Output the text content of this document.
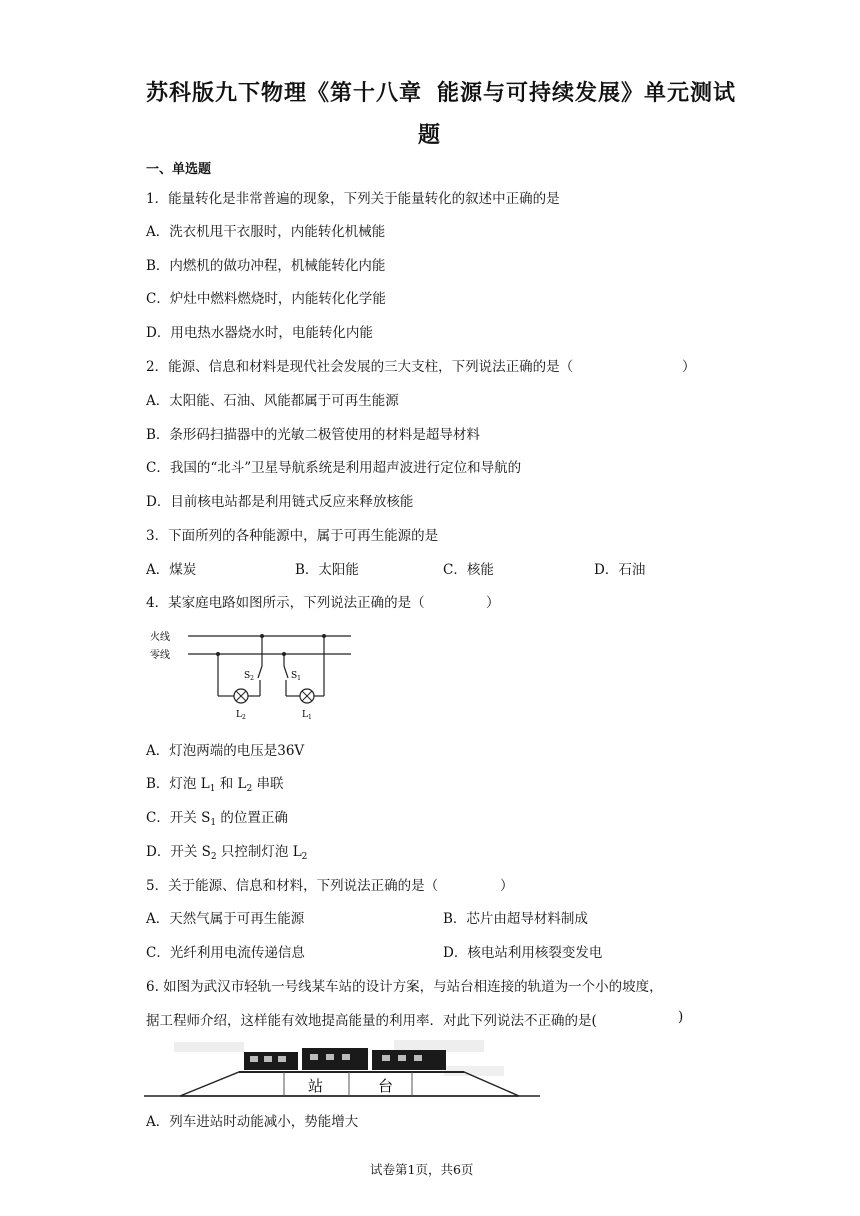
苏科版九下物理《第十八章 能源与可持续发展》单元测试
题
一、单选题
1．能量转化是非常普遍的现象，下列关于能量转化的叙述中正确的是
A．洗衣机甩干衣服时，内能转化机械能
B．内燃机的做功冲程，机械能转化内能
C．炉灶中燃料燃烧时，内能转化化学能
D．用电热水器烧水时，电能转化内能
2．能源、信息和材料是现代社会发展的三大支柱，下列说法正确的是（	）
A．太阳能、石油、风能都属于可再生能源
B．条形码扫描器中的光敏二极管使用的材料是超导材料
C．我国的“北斗”卫星导航系统是利用超声波进行定位和导航的
D．目前核电站都是利用链式反应来释放核能
3．下面所列的各种能源中，属于可再生能源的是
A．煤炭	B．太阳能	C．核能	D．石油
4．某家庭电路如图所示，下列说法正确的是（	）
火线
零线
$S_2$	$S_1$
$L_2$	$L_1$
A．灯泡两端的电压是36V
B．灯泡 $L_1$ 和 $L_2$ 串联
C．开关 $S_1$ 的位置正确
D．开关 $S_2$ 只控制灯泡 $L_2$
5．关于能源、信息和材料，下列说法正确的是（	）
A．天然气属于可再生能源	B．芯片由超导材料制成
C．光纤利用电流传递信息	D．核电站利用核裂变发电
6. 如图为武汉市轻轨一号线某车站的设计方案，与站台相连接的轨道为一个小的坡度，
据工程师介绍，这样能有效地提高能量的利用率．对此下列说法不正确的是(	)
站	台
A．列车进站时动能减小，势能增大
试卷第1页，共6页
